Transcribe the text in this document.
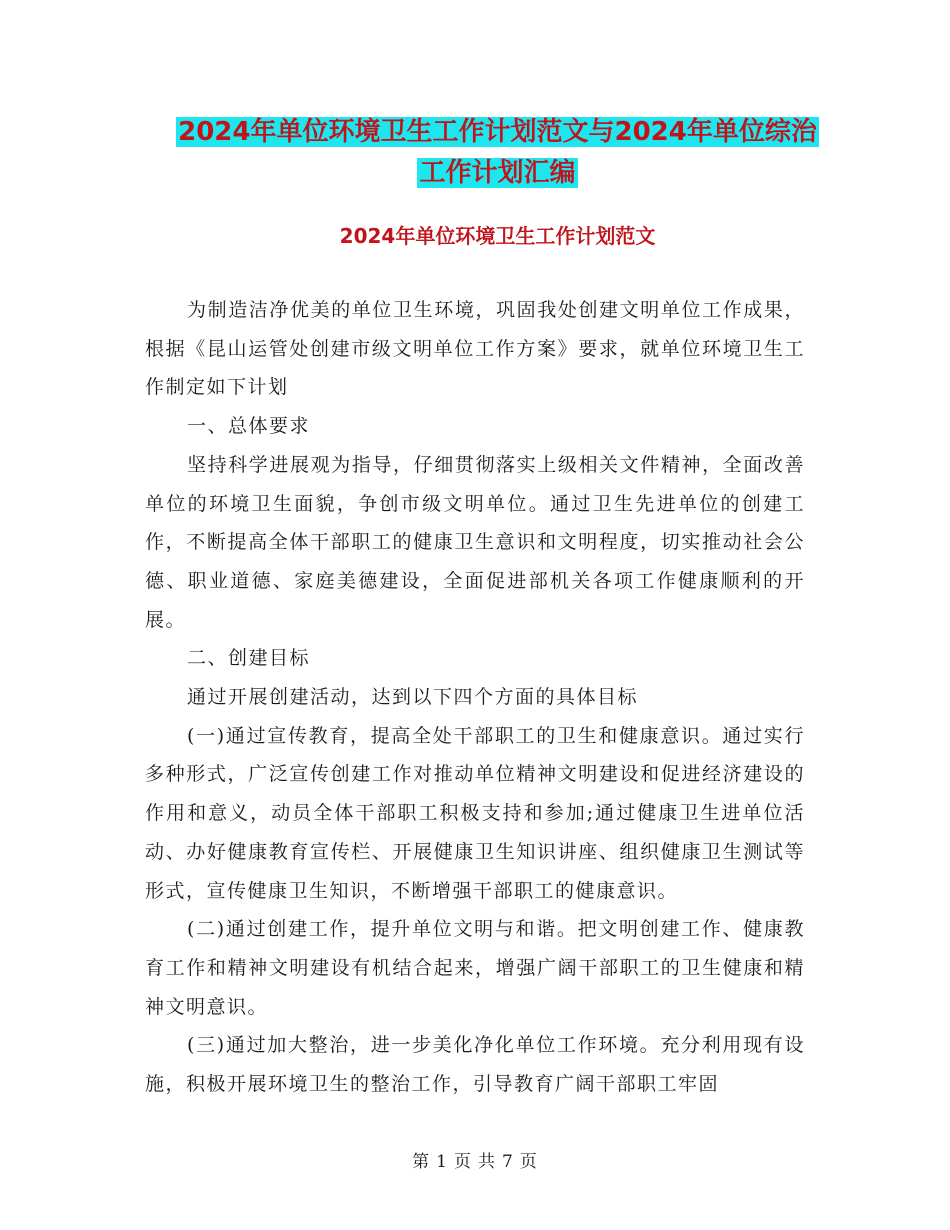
2024年单位环境卫生工作计划范文与2024年单位综治
工作计划汇编
2024年单位环境卫生工作计划范文

为制造洁净优美的单位卫生环境，巩固我处创建文明单位工作成果，根据《昆山运管处创建市级文明单位工作方案》要求，就单位环境卫生工作制定如下计划

一、总体要求

坚持科学进展观为指导，仔细贯彻落实上级相关文件精神，全面改善单位的环境卫生面貌，争创市级文明单位。通过卫生先进单位的创建工作，不断提高全体干部职工的健康卫生意识和文明程度，切实推动社会公德、职业道德、家庭美德建设，全面促进部机关各项工作健康顺利的开展。

二、创建目标

通过开展创建活动，达到以下四个方面的具体目标

(一)通过宣传教育，提高全处干部职工的卫生和健康意识。通过实行多种形式，广泛宣传创建工作对推动单位精神文明建设和促进经济建设的作用和意义，动员全体干部职工积极支持和参加;通过健康卫生进单位活动、办好健康教育宣传栏、开展健康卫生知识讲座、组织健康卫生测试等形式，宣传健康卫生知识，不断增强干部职工的健康意识。

(二)通过创建工作，提升单位文明与和谐。把文明创建工作、健康教育工作和精神文明建设有机结合起来，增强广阔干部职工的卫生健康和精神文明意识。

(三)通过加大整治，进一步美化净化单位工作环境。充分利用现有设施，积极开展环境卫生的整治工作，引导教育广阔干部职工牢固

第 1 页 共 7 页
